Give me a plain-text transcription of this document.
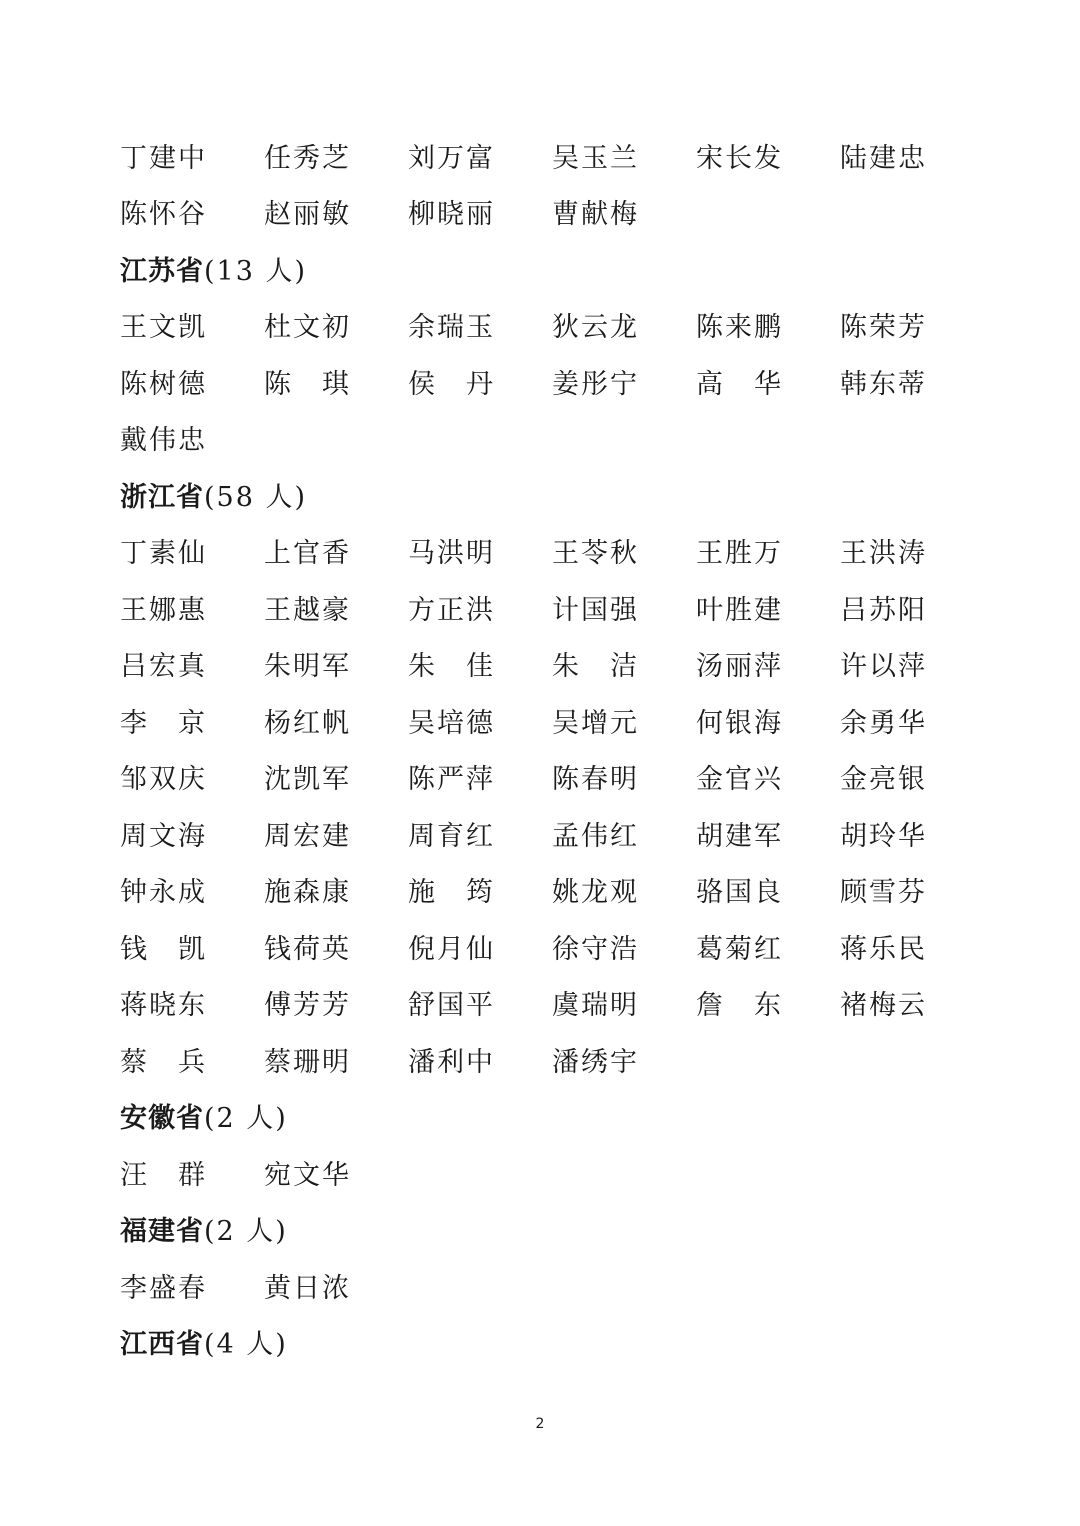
丁建中	任秀芝	刘万富	吴玉兰	宋长发	陆建忠
陈怀谷	赵丽敏	柳晓丽	曹献梅
江苏省 (13 人)
王文凯	杜文初	余瑞玉	狄云龙	陈来鹏	陈荣芳
陈树德	陈　琪	侯　丹	姜彤宁	高　华	韩东蒂
戴伟忠
浙江省 (58 人)
丁素仙	上官香	马洪明	王苓秋	王胜万	王洪涛
王娜惠	王越豪	方正洪	计国强	叶胜建	吕苏阳
吕宏真	朱明军	朱　佳	朱　洁	汤丽萍	许以萍
李　京	杨红帆	吴培德	吴增元	何银海	余勇华
邹双庆	沈凯军	陈严萍	陈春明	金官兴	金亮银
周文海	周宏建	周育红	孟伟红	胡建军	胡玲华
钟永成	施森康	施　筠	姚龙观	骆国良	顾雪芬
钱　凯	钱荷英	倪月仙	徐守浩	葛菊红	蒋乐民
蒋晓东	傅芳芳	舒国平	虞瑞明	詹　东	褚梅云
蔡　兵	蔡珊明	潘利中	潘绣宇
安徽省 (2 人)
汪　群	宛文华
福建省 (2 人)
李盛春	黄日浓
江西省 (4 人)
2
